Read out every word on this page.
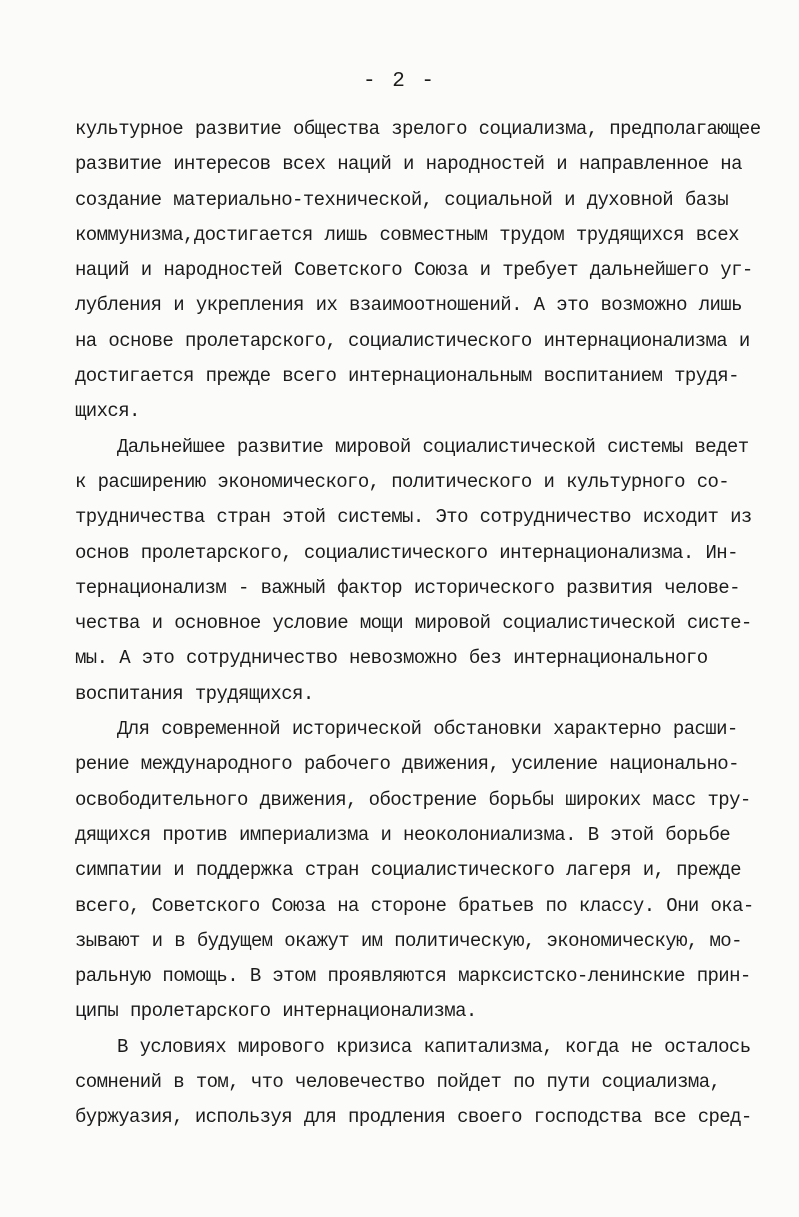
- 2 -
культурное развитие общества зрелого социализма, предполагающее
развитие интересов всех наций и народностей и направленное на
создание материально-технической, социальной и духовной базы
коммунизма,достигается лишь совместным трудом трудящихся всех
наций и народностей Советского Союза и требует дальнейшего уг-
лубления и укрепления их взаимоотношений. А это возможно лишь
на основе пролетарского, социалистического интернационализма и
достигается прежде всего интернациональным воспитанием трудя-
щихся.
Дальнейшее развитие мировой социалистической системы ведет
к расширению экономического, политического и культурного со-
трудничества стран этой системы. Это сотрудничество исходит из
основ пролетарского, социалистического интернационализма. Ин-
тернационализм - важный фактор исторического развития челове-
чества и основное условие мощи мировой социалистической систе-
мы. А это сотрудничество невозможно без интернационального
воспитания трудящихся.
Для современной исторической обстановки характерно расши-
рение международного рабочего движения, усиление национально-
освободительного движения, обострение борьбы широких масс тру-
дящихся против империализма и неоколониализма. В этой борьбе
симпатии и поддержка стран социалистического лагеря и, прежде
всего, Советского Союза на стороне братьев по классу. Они ока-
зывают и в будущем окажут им политическую, экономическую, мо-
ральную помощь. В этом проявляются марксистско-ленинские прин-
ципы пролетарского интернационализма.
В условиях мирового кризиса капитализма, когда не осталось
сомнений в том, что человечество пойдет по пути социализма,
буржуазия, используя для продления своего господства все сред-
